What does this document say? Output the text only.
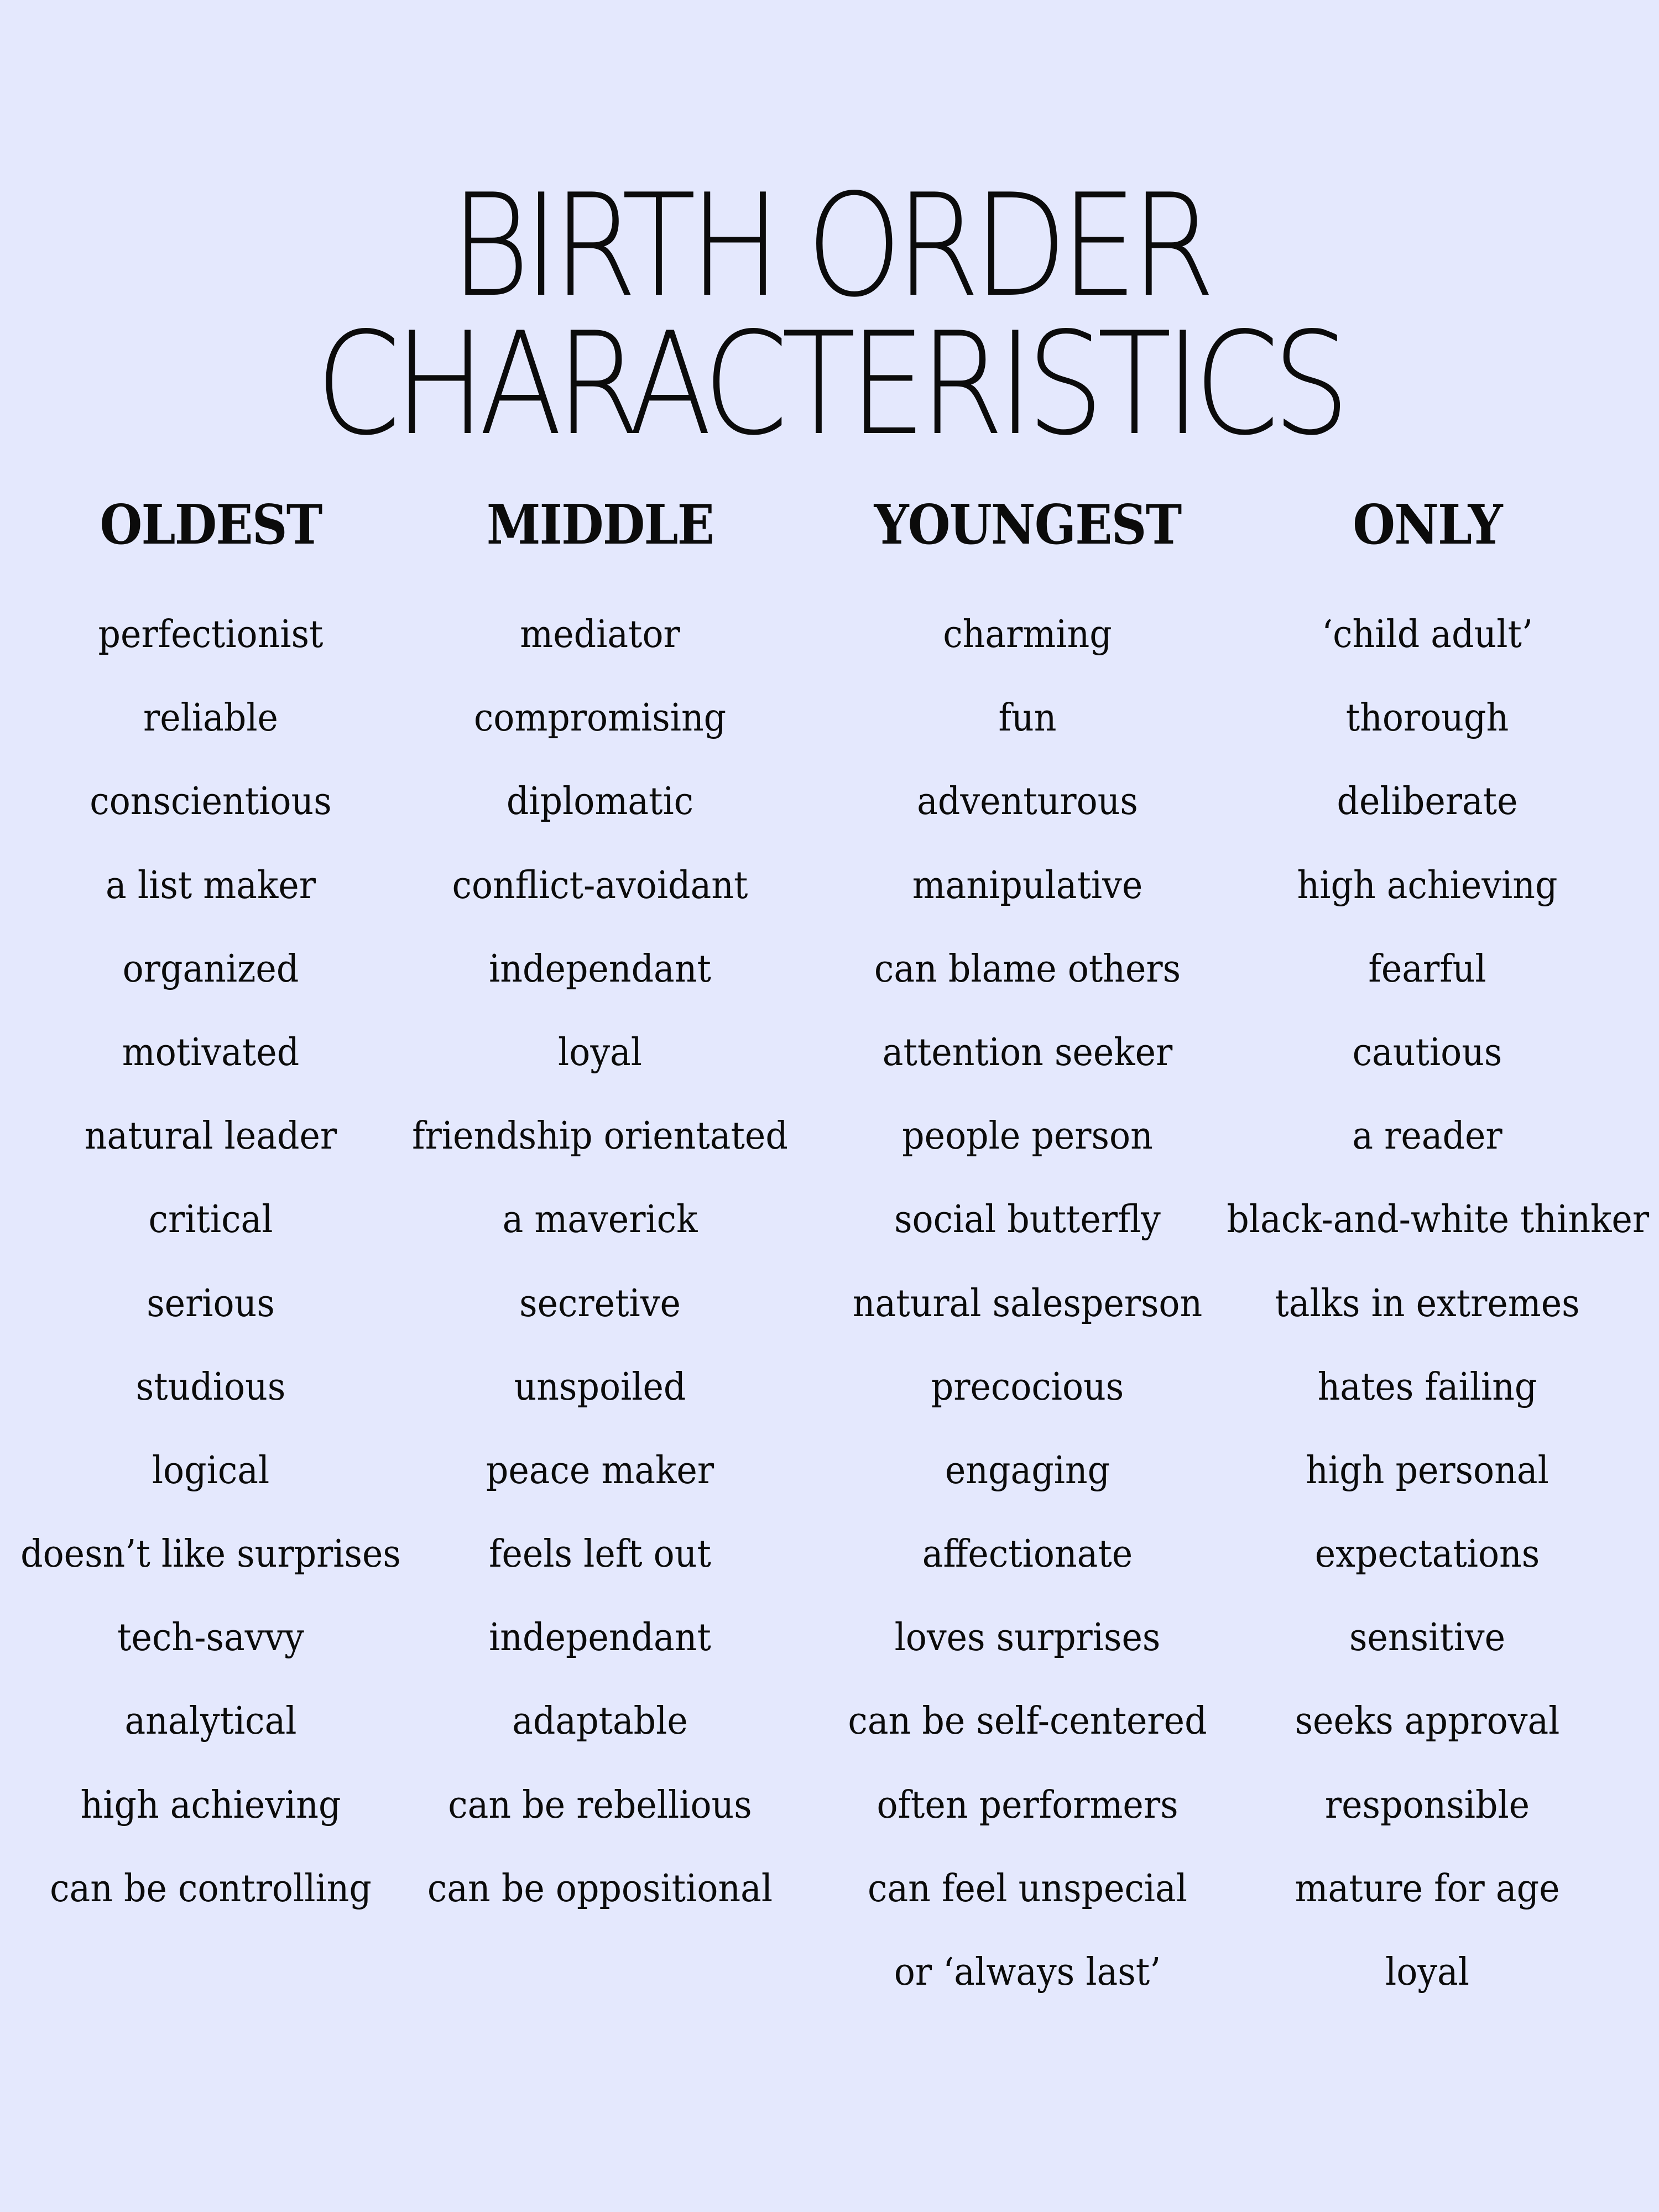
BIRTH ORDER
CHARACTERISTICS
OLDEST
perfectionist
reliable
conscientious
a list maker
organized
motivated
natural leader
critical
serious
studious
logical
doesn’t like surprises
tech-savvy
analytical
high achieving
can be controlling
MIDDLE
mediator
compromising
diplomatic
conflict-avoidant
independant
loyal
friendship orientated
a maverick
secretive
unspoiled
peace maker
feels left out
independant
adaptable
can be rebellious
can be oppositional
YOUNGEST
charming
fun
adventurous
manipulative
can blame others
attention seeker
people person
social butterfly
natural salesperson
precocious
engaging
affectionate
loves surprises
can be self-centered
often performers
can feel unspecial
or ‘always last’
ONLY
‘child adult’
thorough
deliberate
high achieving
fearful
cautious
a reader
black-and-white thinker
talks in extremes
hates failing
high personal
expectations
sensitive
seeks approval
responsible
mature for age
loyal
